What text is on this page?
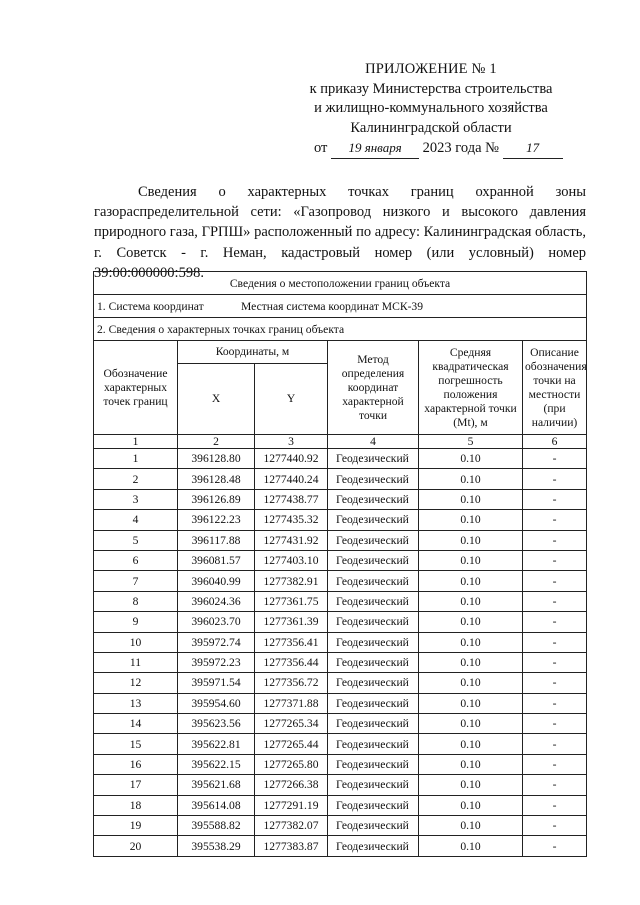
ПРИЛОЖЕНИЕ № 1
к приказу Министерства строительства
и жилищно-коммунального хозяйства
Калининградской области
от 19 января 2023 года № 17

Сведения о характерных точках границ охранной зоны газораспределительной сети: «Газопровод низкого и высокого давления природного газа, ГРПШ» расположенный по адресу: Калининградская область, г. Советск - г. Неман, кадастровый номер (или условный) номер 39:00:000000:598.

Сведения о местоположении границ объекта					
1. Система координат Местная система координат МСК-39					
2. Сведения о характерных точках границ объекта					
Обозначение характерных точек границ	Координаты, м		Метод определения координат характерной точки	Средняя квадратическая погрешность положения характерной точки (Mt), м	Описание обозначения точки на местности (при наличии)
	X	Y			
1	2	3	4	5	6
1	396128.80	1277440.92	Геодезический	0.10	-
2	396128.48	1277440.24	Геодезический	0.10	-
3	396126.89	1277438.77	Геодезический	0.10	-
4	396122.23	1277435.32	Геодезический	0.10	-
5	396117.88	1277431.92	Геодезический	0.10	-
6	396081.57	1277403.10	Геодезический	0.10	-
7	396040.99	1277382.91	Геодезический	0.10	-
8	396024.36	1277361.75	Геодезический	0.10	-
9	396023.70	1277361.39	Геодезический	0.10	-
10	395972.74	1277356.41	Геодезический	0.10	-
11	395972.23	1277356.44	Геодезический	0.10	-
12	395971.54	1277356.72	Геодезический	0.10	-
13	395954.60	1277371.88	Геодезический	0.10	-
14	395623.56	1277265.34	Геодезический	0.10	-
15	395622.81	1277265.44	Геодезический	0.10	-
16	395622.15	1277265.80	Геодезический	0.10	-
17	395621.68	1277266.38	Геодезический	0.10	-
18	395614.08	1277291.19	Геодезический	0.10	-
19	395588.82	1277382.07	Геодезический	0.10	-
20	395538.29	1277383.87	Геодезический	0.10	-
